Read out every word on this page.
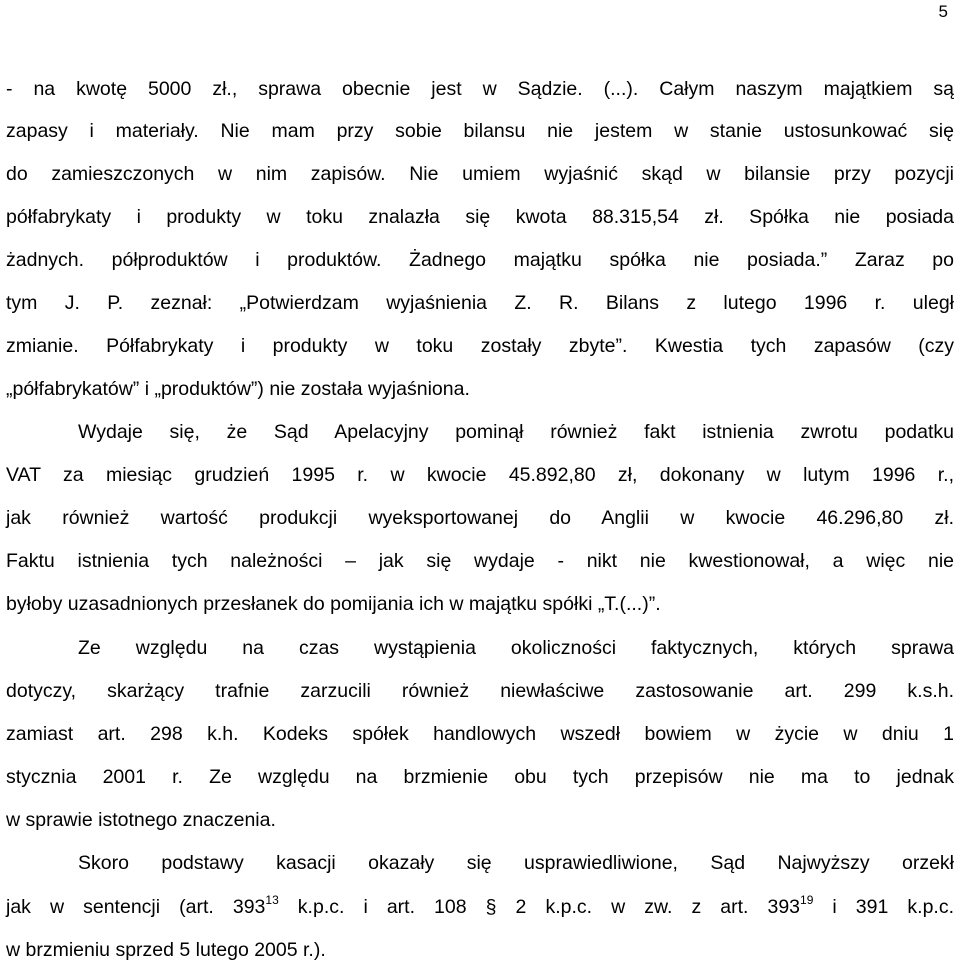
5
- na kwotę 5000 zł., sprawa obecnie jest w Sądzie. (...). Całym naszym majątkiem są
zapasy i materiały. Nie mam przy sobie bilansu nie jestem w stanie ustosunkować się
do zamieszczonych w nim zapisów. Nie umiem wyjaśnić skąd w bilansie przy pozycji
półfabrykaty i produkty w toku znalazła się kwota 88.315,54 zł. Spółka nie posiada
żadnych. półproduktów i produktów. Żadnego majątku spółka nie posiada.” Zaraz po
tym J. P. zeznał: „Potwierdzam wyjaśnienia Z. R. Bilans z lutego 1996 r. uległ
zmianie. Półfabrykaty i produkty w toku zostały zbyte”. Kwestia tych zapasów (czy
„półfabrykatów” i „produktów”) nie została wyjaśniona.
Wydaje się, że Sąd Apelacyjny pominął również fakt istnienia zwrotu podatku
VAT za miesiąc grudzień 1995 r. w kwocie 45.892,80 zł, dokonany w lutym 1996 r.,
jak również wartość produkcji wyeksportowanej do Anglii w kwocie 46.296,80 zł.
Faktu istnienia tych należności – jak się wydaje - nikt nie kwestionował, a więc nie
byłoby uzasadnionych przesłanek do pomijania ich w majątku spółki „T.(...)”.
Ze względu na czas wystąpienia okoliczności faktycznych, których sprawa
dotyczy, skarżący trafnie zarzucili również niewłaściwe zastosowanie art. 299 k.s.h.
zamiast art. 298 k.h. Kodeks spółek handlowych wszedł bowiem w życie w dniu 1
stycznia 2001 r. Ze względu na brzmienie obu tych przepisów nie ma to jednak
w sprawie istotnego znaczenia.
Skoro podstawy kasacji okazały się usprawiedliwione, Sąd Najwyższy orzekł
jak w sentencji (art. $393^{13}$ k.p.c. i art. 108 § 2 k.p.c. w zw. z art. $393^{19}$ i 391 k.p.c.
w brzmieniu sprzed 5 lutego 2005 r.).
